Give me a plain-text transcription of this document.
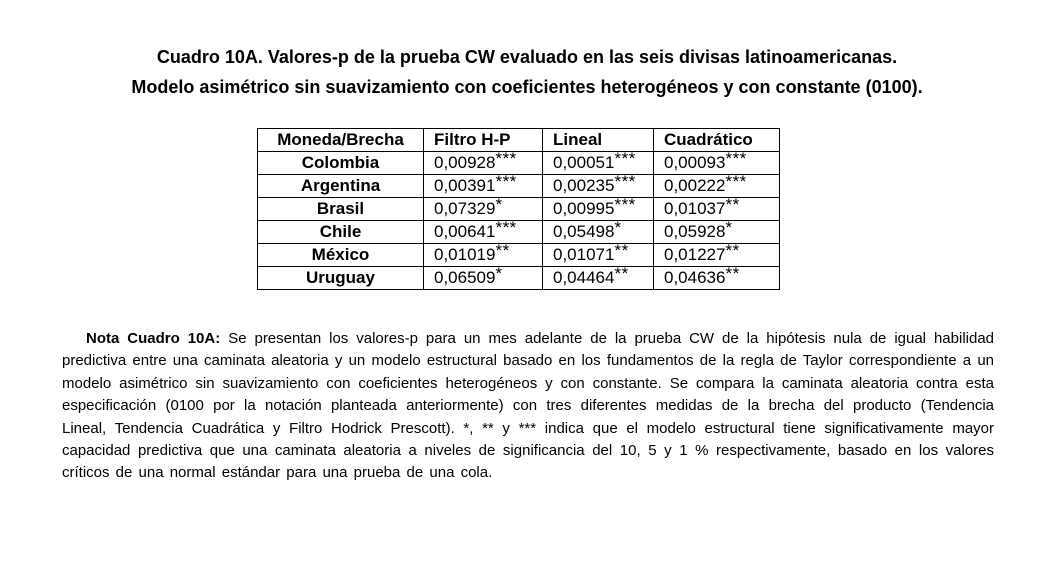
Cuadro 10A. Valores-p de la prueba CW evaluado en las seis divisas latinoamericanas.
Modelo asimétrico sin suavizamiento con coeficientes heterogéneos y con constante (0100).
Moneda/Brecha	Filtro H-P	Lineal	Cuadrático
Colombia	0,00928***	0,00051***	0,00093***
Argentina	0,00391***	0,00235***	0,00222***
Brasil	0,07329*	0,00995***	0,01037**
Chile	0,00641***	0,05498*	0,05928*
México	0,01019**	0,01071**	0,01227**
Uruguay	0,06509*	0,04464**	0,04636**

Nota Cuadro 10A: Se presentan los valores-p para un mes adelante de la prueba CW de la hipótesis nula de igual habilidad predictiva entre una caminata aleatoria y un modelo estructural basado en los fundamentos de la regla de Taylor correspondiente a un modelo asimétrico sin suavizamiento con coeficientes heterogéneos y con constante. Se compara la caminata aleatoria contra esta especificación (0100 por la notación planteada anteriormente) con tres diferentes medidas de la brecha del producto (Tendencia Lineal, Tendencia Cuadrática y Filtro Hodrick Prescott). *, ** y *** indica que el modelo estructural tiene significativamente mayor capacidad predictiva que una caminata aleatoria a niveles de significancia del 10, 5 y 1 % respectivamente, basado en los valores críticos de una normal estándar para una prueba de una cola.
